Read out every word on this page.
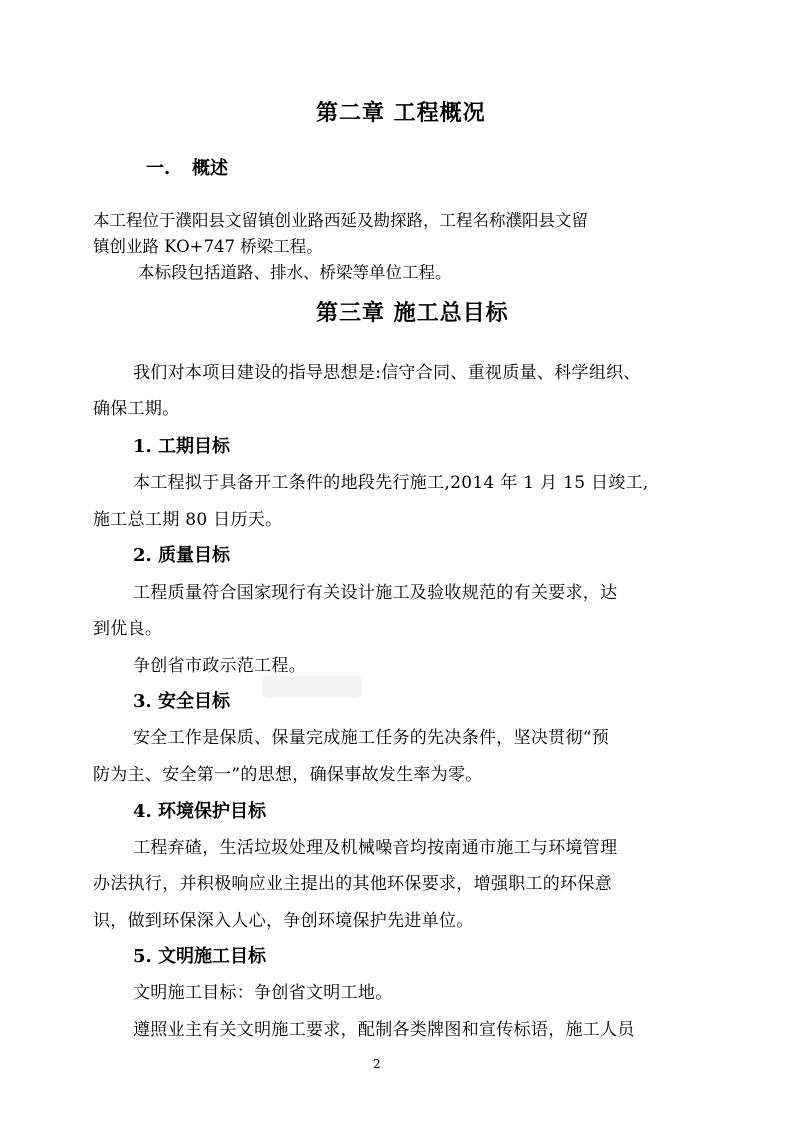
第二章 工程概况
一. 概述
本工程位于濮阳县文留镇创业路西延及勘探路，工程名称濮阳县文留
镇创业路 KO+747 桥梁工程。
本标段包括道路、排水、桥梁等单位工程。
第三章 施工总目标
我们对本项目建设的指导思想是:信守合同、重视质量、科学组织、
确保工期。
1. 工期目标
本工程拟于具备开工条件的地段先行施工,2014 年 1 月 15 日竣工,
施工总工期 80 日历天。
2. 质量目标
工程质量符合国家现行有关设计施工及验收规范的有关要求，达
到优良。
争创省市政示范工程。
3. 安全目标
安全工作是保质、保量完成施工任务的先决条件，坚决贯彻“预
防为主、安全第一”的思想，确保事故发生率为零。
4. 环境保护目标
工程弃碴，生活垃圾处理及机械噪音均按南通市施工与环境管理
办法执行，并积极响应业主提出的其他环保要求，增强职工的环保意
识，做到环保深入人心，争创环境保护先进单位。
5. 文明施工目标
文明施工目标：争创省文明工地。
遵照业主有关文明施工要求，配制各类牌图和宣传标语，施工人员
2
